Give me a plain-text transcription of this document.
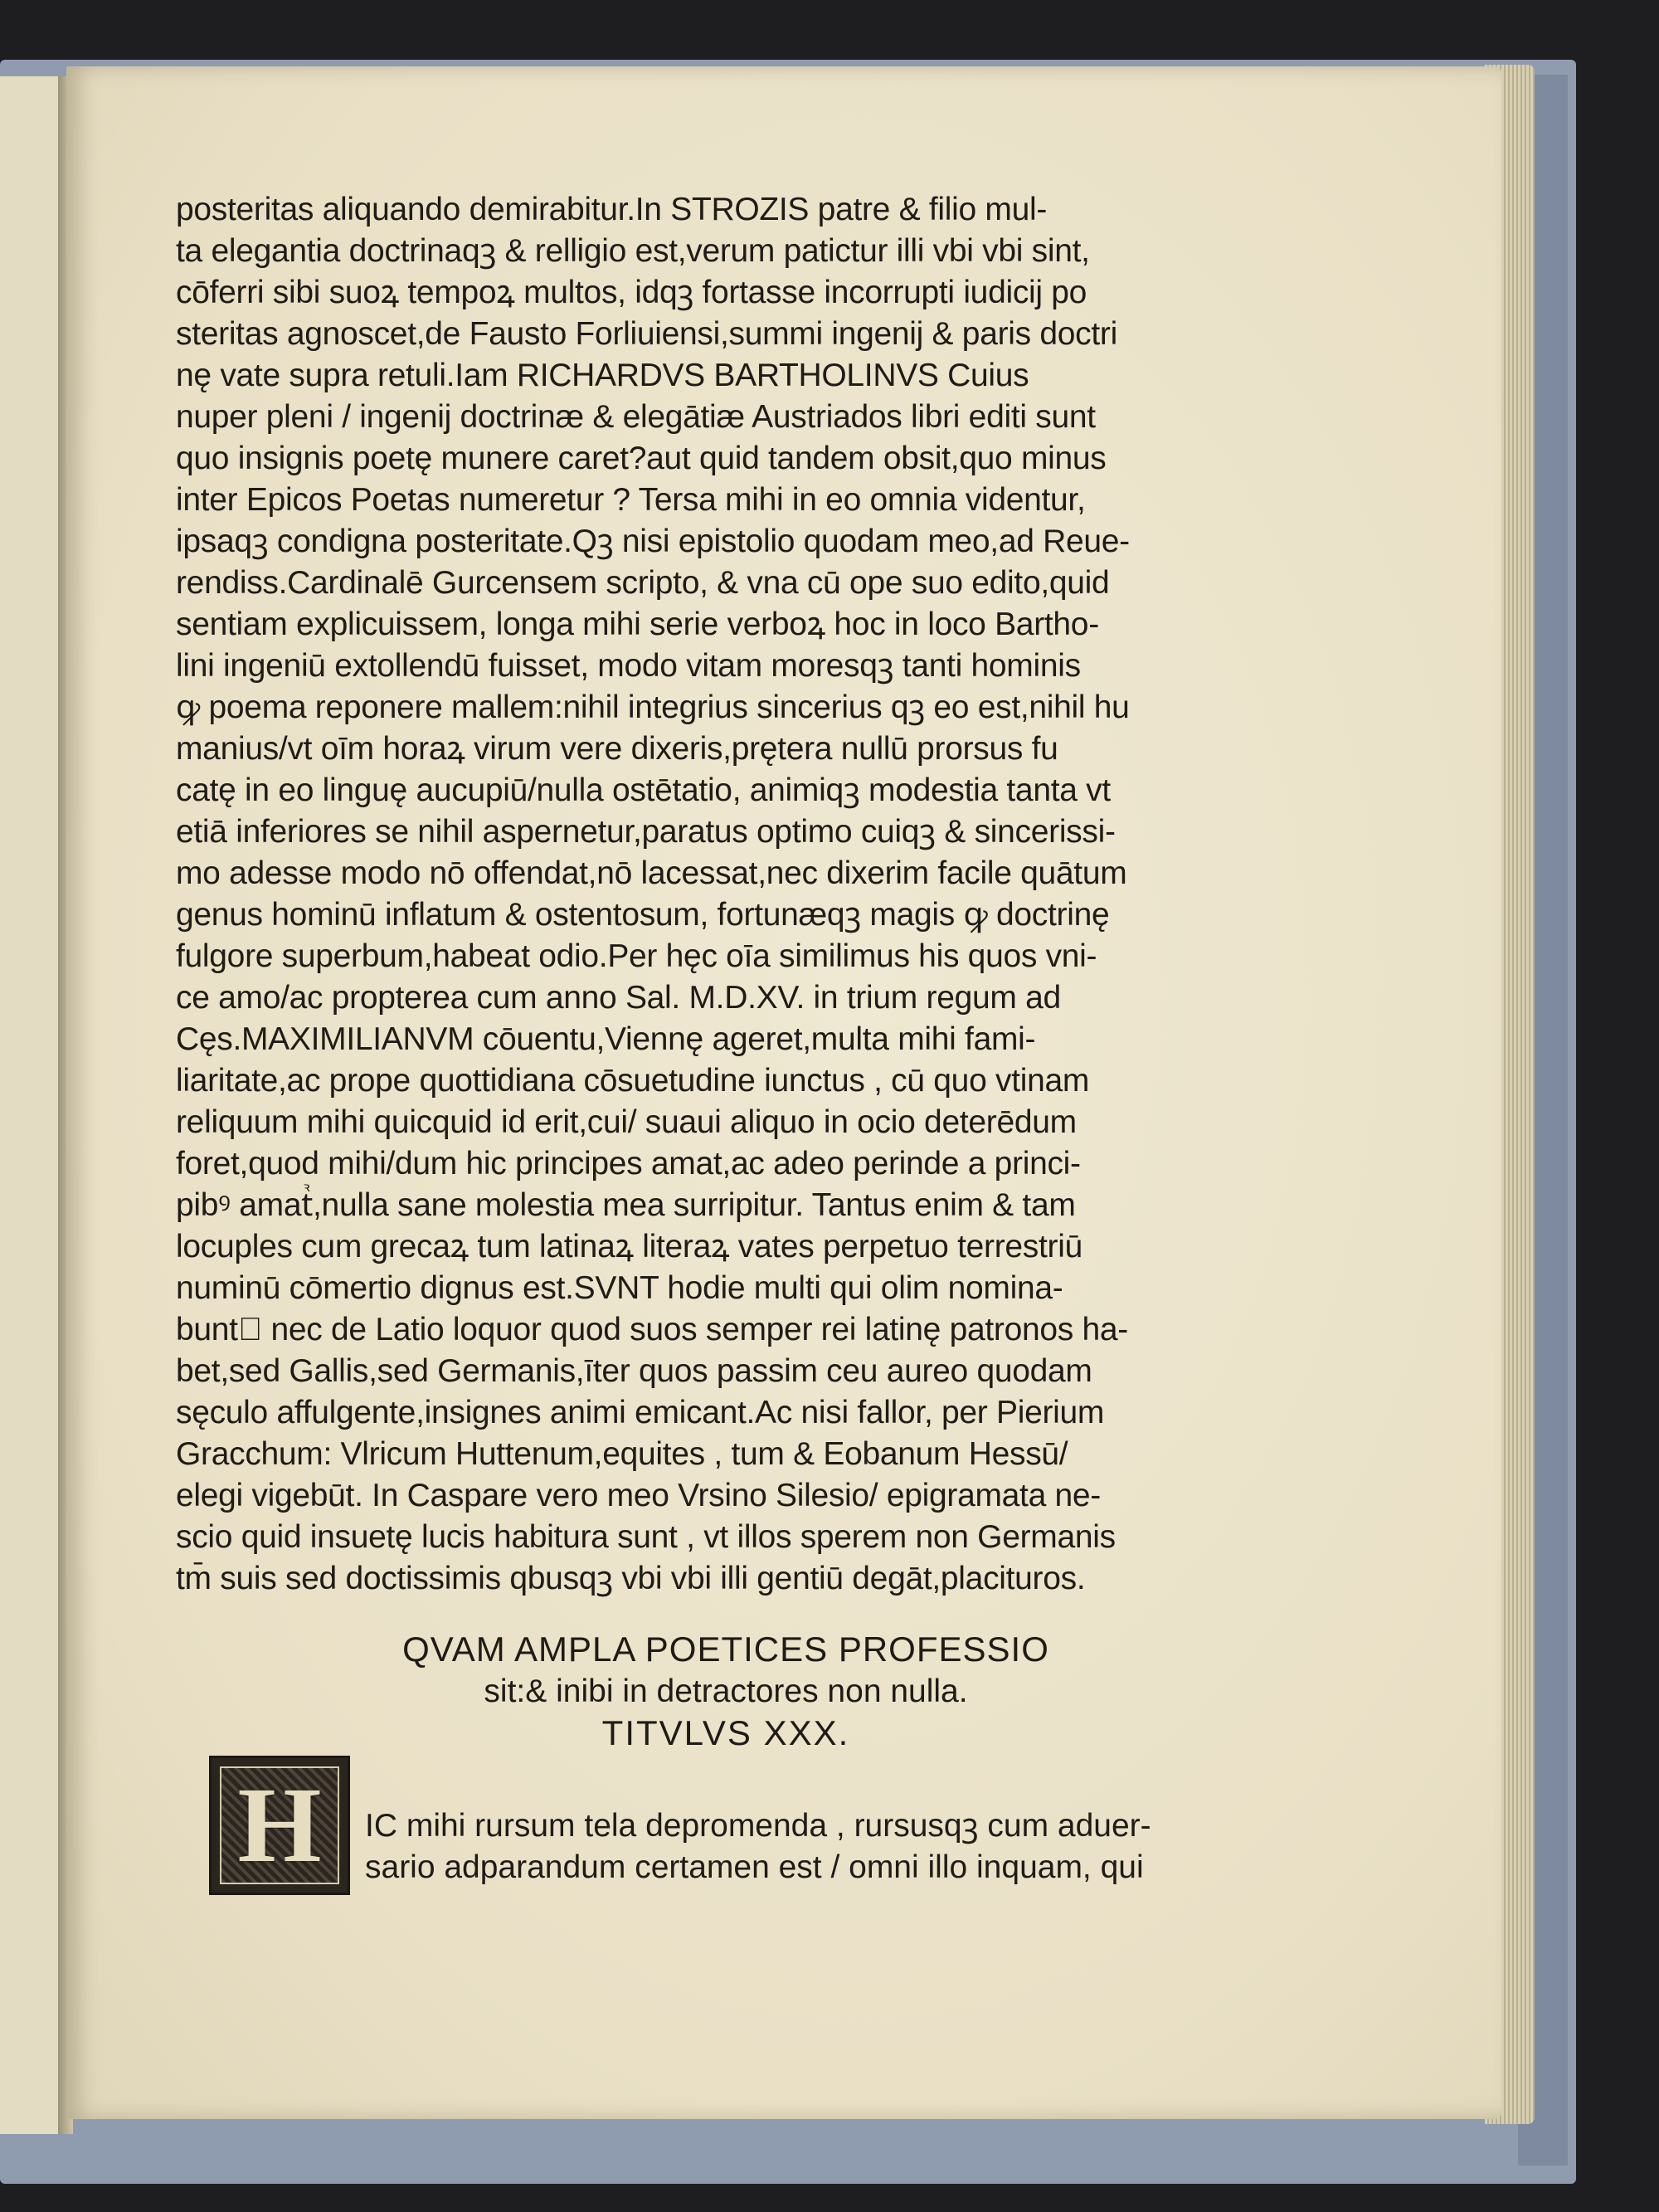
posteritas aliquando demirabitur.In STROZIS patre & filio mul-
ta elegantia doctrinaqꝫ & relligio est,verum patictur illi vbi vbi sint,
cōferri sibi suoꝝ tempoꝝ multos, idqꝫ fortasse incorrupti iudicij po
steritas agnoscet,de Fausto Forliuiensi,summi ingenij & paris doctri
nę vate supra retuli.Iam RICHARDVS BARTHOLINVS Cuius
nuper pleni / ingenij doctrinæ & elegātiæ Austriados libri editi sunt
quo insignis poetę munere caret?aut quid tandem obsit,quo minus
inter Epicos Poetas numeretur ? Tersa mihi in eo omnia videntur,
ipsaqꝫ condigna posteritate.Qꝫ nisi epistolio quodam meo,ad Reue-
rendiss.Cardinalē Gurcensem scripto, & vna cū ope suo edito,quid
sentiam explicuissem, longa mihi serie verboꝝ hoc in loco Bartho-
lini ingeniū extollendū fuisset, modo vitam moresqꝫ tanti hominis
ꝙ poema reponere mallem:nihil integrius sincerius qꝫ eo est,nihil hu
manius/vt oīm horaꝝ virum vere dixeris,prętera nullū prorsus fu
catę in eo linguę aucupiū/nulla ostētatio, animiqꝫ modestia tanta vt
etiā inferiores se nihil aspernetur,paratus optimo cuiqꝫ & sincerissi-
mo adesse modo nō offendat,nō lacessat,nec dixerim facile quātum
genus hominū inflatum & ostentosum, fortunæqꝫ magis ꝙ doctrinę
fulgore superbum,habeat odio.Per hęc oīa similimus his quos vni-
ce amo/ac propterea cum anno Sal. M.D.XV. in trium regum ad
Cęs.MAXIMILIANVM cōuentu,Viennę ageret,multa mihi fami-
liaritate,ac prope quottidiana cōsuetudine iunctus , cū quo vtinam
reliquum mihi quicquid id erit,cui/ suaui aliquo in ocio deterēdum
foret,quod mihi/dum hic principes amat,ac adeo perinde a princi-
pibꝰ amatᷣ,nulla sane molestia mea surripitur. Tantus enim & tam
locuples cum grecaꝝ tum latinaꝝ literaꝝ vates perpetuo terrestriū
numinū cōmertio dignus est.SVNT hodie multi qui olim nomina-
buntᷣ nec de Latio loquor quod suos semper rei latinę patronos ha-
bet,sed Gallis,sed Germanis,īter quos passim ceu aureo quodam
sęculo affulgente,insignes animi emicant.Ac nisi fallor, per Pierium
Gracchum: Vlricum Huttenum,equites , tum & Eobanum Hessū/
elegi vigebūt. In Caspare vero meo Vrsino Silesio/ epigramata ne-
scio quid insuetę lucis habitura sunt , vt illos sperem non Germanis
tm̄ suis sed doctissimis qbusqꝫ vbi vbi illi gentiū degāt,placituros.
QVAM AMPLA POETICES PROFESSIO
sit:& inibi in detractores non nulla.
TITVLVS XXX.
H	IC mihi rursum tela depromenda , rursusqꝫ cum aduer-
sario adparandum certamen est / omni illo inquam, qui
